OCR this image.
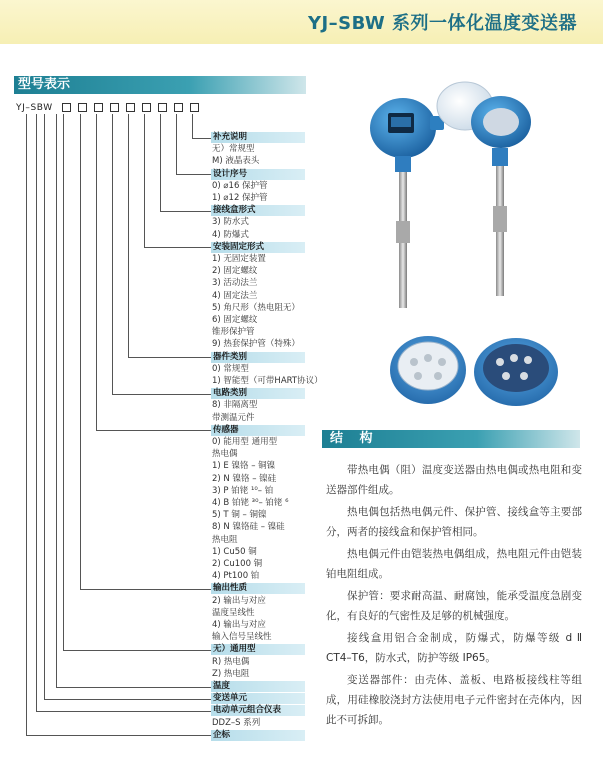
YJ–SBW 系列一体化温度变送器
型号表示
YJ–SBW
结 构
带热电偶（阻）温度变送器由热电偶或热电阻和变送器部件组成。
热电偶包括热电偶元件、保护管、接线盒等主要部分，两者的接线盒和保护管相同。
热电偶元件由铠装热电偶组成，热电阻元件由铠装铂电阻组成。
保护管：要求耐高温、耐腐蚀，能承受温度急剧变化，有良好的气密性及足够的机械强度。
接线盒用铝合金制成，防爆式，防爆等级 d Ⅱ CT4–T6，防水式，防护等级 IP65。
变送器部件：由壳体、盖板、电路板接线柱等组成，用硅橡胶浇封方法使用电子元件密封在壳体内，因此不可拆卸。
补充说明
无）常规型
M) 液晶表头
设计序号
0) ⌀16 保护管
1) ⌀12 保护管
接线盒形式
3) 防水式
4) 防爆式
安装固定形式
1) 无固定装置
2) 固定螺纹
3) 活动法兰
4) 固定法兰
5) 角尺形（热电阻无）
6) 固定螺纹
锥形保护管
9) 热套保护管（特殊）
器件类别
0) 常规型
1) 智能型（可带HART协议）
电路类别
8) 非隔离型
带测温元件
传感器
0) 能用型 通用型
热电偶
1) E 镍铬 – 铜镍
2) N 镍铬 – 镍硅
3) P 铂铑 ¹⁰– 铂
4) B 铂铑 ³⁰– 铂铑 ⁶
5) T 铜 – 铜镍
8) N 镍铬硅 – 镍硅
热电阻
1) Cu50 铜
2) Cu100 铜
4) Pt100 铂
输出性质
2) 输出与对应
温度呈线性
4) 输出与对应
输入信号呈线性
无）通用型
R) 热电偶
Z) 热电阻
温度
变送单元
电动单元组合仪表
DDZ–S 系列
企标
